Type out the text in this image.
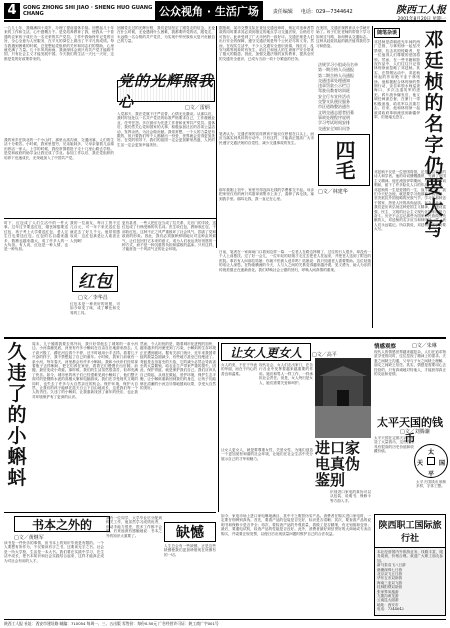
4	GONG ZHONG SHI JIAO · SHENG HUO GUANG CHANG	公众视角 · 生活广场	责任编辑 电话：029—7344642	陕西工人报
2001年8月20日 星期一
一九九七年，我刚满四十周岁，办理了提前退休手续。回想起几十年来的工作和生活，心中感慨万千。是党培养教育了我，使我从一个普通的农家孩子成长为一名光荣的共产党员。工作中我始终牢记党的宗旨，全心全意为人民服务，在平凡的岗位上做出了不平凡的成绩。每当我遇到困难的时候，总是想起党组织的关怀和同志们的帮助，心里就充满了力量。几十年风风雨雨，我深深体会到只有共产党才能救中国，只有社会主义才能发展中国。今天我们的生活一天比一天好，这都是党的好政策带来的。
回顾党走过的光辉历程，我们更加坚定了跟党走的信念。无论在什么时候，无论遇到什么困难，我都要听党的话，跟党走，永远做一名合格的共产党员，为实现中华民族伟大复兴贡献自己的力量。
党的光辉照我心	□文／雷炳
我的家乡在陕北的一个小山村，那里山高沟深，交通闭塞，人们的生活十分艰苦。小时候，我家里很穷，兄弟姐妹多，父母亲靠着几亩薄田养活一家人。上学的时候，我经常饿着肚子走十几里山路去学校。是党和政府的助学金让我完成了学业。参加工作以后，我在党组织的培养下迅速成长，光荣地加入了中国共产党。
入党那天，我在党旗下庄严宣誓，心情无比激动。从那以后，我时时处处以一名共产党员的标准严格要求自己，工作兢兢业业，任劳任怨。多次被评为先进工作者和优秀共产党员。退休后，我仍然关心党和国家的大事，积极参加社区的各项公益活动，发挥余热，为社会做贡献。我常常想，一个人的力量是有限的，但只要我们每个人都献出一份爱，世界就会变得更加美好。在党的领导下，我们的祖国一定会更加繁荣昌盛，人民的生活一定会更加幸福美好。
据报载，某市交警支队在查处交通违章时，规定对违章者罚款的同时要求其必须到指定的地点学习交通法规，合格后方可放行。此举受到了广大市民的一致好评。交通法规是人们出行安全的保障，遵守交通法规是每个公民应尽的义务。然而，在现实生活中，不少人交通安全意识淡薄，闯红灯、乱穿马路等现象时有发生，给自己和他人的生命财产安全带来了极大的隐患。因此，加强交通法规的宣传教育，提高全民的交通安全意识，已成为当前一项十分紧迫的任务。
在美国，交通法规教育从小学就开始了。孩子们在老师的带领下学习如何过马路，如何辨认交通标志。这种从娃娃抓起的做法值得我们学习和借鉴。
法规学习小组成员名单
第一期合格人员通报
第二期合格人员通报
交通违章处理通知
违章罚款公示栏目
驾驶员教育培训班
安全行车宣传活动
交警支队便民服务
市区道路整治通告
文明交通志愿者招募
事故处理程序说明
学习考试时间安排
交通安全知识问答
笔者认为，交通法规的宣传教育不能仅仅停留在口头上，而应当落实到具体的行动中。只有这样，才能真正提高广大市民遵守交通法规的自觉性，减少交通事故的发生。	四毛
□文／林建华
那年我刚上初中，家里穷得连四毛钱的学费都交不起。母亲把家里仅有的两只鸡蛋拿到集市上卖了，凑够了四毛钱，塞到我手里。那四毛钱，我一直记在心里。
随笔杂谈
邓廷桢是清朝道光年间的两广总督，与林则徐一起坚决禁烟，抗击英国侵略者，是一位值得人们尊敬的爱国将领。然而，在一些书籍和影视作品中，人们往往只记得林则徐而忽略了邓廷桢。其实，在禁烟运动中，邓廷桢所起的作用绝不亚于林则徐。他积极配合林则徐的禁烟行动，亲自率领水师巡查海口，多次击退英军的进犯。鸦片战争爆发后，他又调任闽浙总督，在厦门一带积极备战，给英军以沉重打击。后来，他和林则徐一起被清政府革职流放到新疆伊犁，但他毫无怨言。
邓廷桢的名字仍要大写
邓廷桢不仅是一位爱国将领，还是一位著名的诗人和学者。他的诗词慷慨激昂，充满了爱国主义精神。他在流放伊犁期间，与林则徐诗词唱和，留下了许多脍炙人口的作品。可以说，邓廷桢的一生是爱国的一生，战斗的一生。我们今天纪念他，就是要学习他那种不畏强暴、坚决抵抗外国侵略的民族气节，学习他那种忠于国家、热爱人民的高尚品质。在当今社会，我们更应该弘扬这种爱国主义精神，为建设富强、民主、文明的社会主义现代化国家而努力奋斗。历史不会忘记那些为国家和民族做出贡献的人，邓廷桢的名字应当和林则徐一样，被人们永远铭记。所以我说，邓廷桢的名字仍要大写。
时下，红包成了人们生活中的一件大事。过年过节要送红包，婚丧嫁娶要送红包，孩子考上大学要送红包，老人过生日也要送红包。红包的名目越来越多，数额也越来越大，成了许多人的一大负担。有人说，红包是一种人情，也是一种负担。
我的一位朋友，每月工资不过几百元，可一年下来光送红包就花去了好几千元。他常常感叹说：这红包真是让人欢喜让人忧啊！
红包
□文／李华昌
红包本是一种美好的祝愿，可如今却变了味，成了攀比和交易的工具。
更有甚者，一些人把红包当成了拉关系、走后门的手段，送红包成了行贿受贿的代名词。医生收红包，教师收红包，干部收红包，这种不正之风严重败坏了社会风气，损害了党和政府的形象。因此，我们必须旗帜鲜明地反对这种歪风邪气，让红包回归它本来的意义，成为人们表达美好祝愿的一种方式，而不是一种沉重的负担和腐败的温床。只有这样，才能营造一个风清气正的社会环境。
日前，笔者在一家商场门口看到这样一幕：一位老人在路边摔倒了，过往的行人很多，却没有一个人上前搀扶。过了好一会儿，一位年轻的姑娘才走过去把老人扶起来，并把老人送到了附近的医院。事后有人问那位姑娘：你就不怕被人讹诈吗？姑娘说：我只知道老人需要帮助。这位姑娘的话让人深思。在物欲横流的今天，人与人之间的关系变得越来越冷漠，见义勇为、助人为乐的传统美德正在逐渐淡化。我们呼唤社会公德的回归，呼唤人间真情的重现。
久违了的小蝌蚪
周末，儿子缠着我要去郊外玩，我只好带他去了城郊的一条小河边。小河清澈见底，河里有许多小蝌蚪在自由自在地游来游去。儿子高兴极了，蹲在河边看个不停，还不时地用小手去捞。看着儿子兴奋的样子，我不禁想起了自己的童年。小时候，我家门前就有一条小河，每年春天，河里都会有许多小蝌蚪。我和小伙伴们经常拿着瓶子去捞蝌蚪，把它们养在家里，看着它们慢慢长出后腿、前腿，最后变成小青蛙。那时候，我们的生活虽然很清苦，但却充满了快乐。如今，城市里的孩子们已经很难见到小蝌蚪了，他们整天面对的是钢筋水泥的高楼大厦和电脑游戏。我们在享受现代文明的同时，也失去了许多与大自然亲近的机会。保护环境，保护大自然，让我们的孩子能够在蓝天白云下自由地成长，这是我们每一个人的责任。久违了的小蝌蚪，让我重新找回了童年的快乐，也让我对环境保护有了更深的认识。
然而，令人担忧的是，随着城市化进程的加快，越来越多的河流受到了污染，小蝌蚪的生存环境正在遭到破坏。据有关部门统计，近年来我国青蛙的数量急剧减少，有些地方甚至已经绝迹了。青蛙是农田害虫的天敌，它的减少必然会导致害虫的大量繁殖，给农业生产带来严重的损失。因此，保护青蛙，就是保护我们自己。我们应该从自己做起，从现在做起，爱护环境，保护生态平衡，让小蝌蚪重新回到我们的身边，让孩子们能够在清澈的小河边尽情地嬉戏玩耍，享受大自然的美好。
让女人更女人 □文／高平
女人的美，不在于外表的华丽，而在于内心的善良和温柔。
现代社会，女人们走出家门，在各行各业中发挥着越来越重要的作用。她们和男人一样工作，一样承担社会责任。但是，女人终归是女人，她们需要关爱和呵护。
让女人更女人，就是要尊重女性，关爱女性，为她们创造一个更加宽松和谐的社会环境，让她们在社会生活中充分展示自己的才华和魅力。
进口家电真伪鉴别
识别进口家电的真伪可以从包装、说明书、保修卡等方面入手。
情感观察	□文／朱琳
现代人的情感世界越来越复杂，人们在追求物质享受的同时，往往忽视了精神上的需求。夫妻之间缺乏沟通，父母与子女之间缺乏理解，朋友之间缺乏信任。其实，情感是需要用心去经营的，只有真诚地对待他人，才能获得真正的友谊和爱情。
太平天国的钱币
□文／刘腾骧
太平天国在定都天京后铸造了大量钱币，这些钱币具有很高的历史价值和收藏价值。	太
平
天	国
太平天国钱币形制多样，字体工整。
书本之外的
□文／黄继军
读书是一件快乐的事情，但书本上的知识毕竟是有限的。一个人要想有所作为，不仅要读有字之书，还要读无字之书。社会是一所大学校，生活是一本大书。我们要在实践中学习，在生活中成长，把书本知识和社会实践结合起来，这样才能真正成为对社会有用的人才。
我有一位同学，大学毕业后分配到机关工作，他虽然学习成绩优秀，但动手能力很差，很多工作都不会做。后来他深有感触地说：书本之外的知识太重要了。	缺憾
人生总会有一些缺憾，正是这些缺憾使我们更加珍惜现在所拥有的一切。
如今，家电市场上进口家电琳琅满目，其中不乏假冒伪劣产品。消费者在购买进口家电时，一定要仔细辨别真伪。首先，要看产品的包装是否完好，标识是否清晰；其次，要查看产品的说明书和保修卡是否齐全；再次，要检查产品的外观质量，看做工是否精细，有无划痕和变形；最后，要通电试机，检查产品的性能是否良好。此外，消费者最好到信誉好的大商场或专卖店购买，并索要正规发票，以便日后出现质量问题时维护自己的合法权益。
陕西职工国际旅行社
本社经营国内外旅游业务，线路丰富，服务周到，价格合理。欢迎广大职工朋友参加。
新马泰双飞八日游
港澳深珠七日游
北京双飞五日游
华东五市双卧游
海南三亚双飞游
桂林阳朔双卧游
张家界凤凰游
九寨沟黄龙游
云南昆大丽游
地址：西安市
电话：7344642
陕西工人报 社址：西安市建设路 邮编：710054 每周一、三、五出版 零售价：每份0.50元 广告经营许可证：陕工商广字001号
